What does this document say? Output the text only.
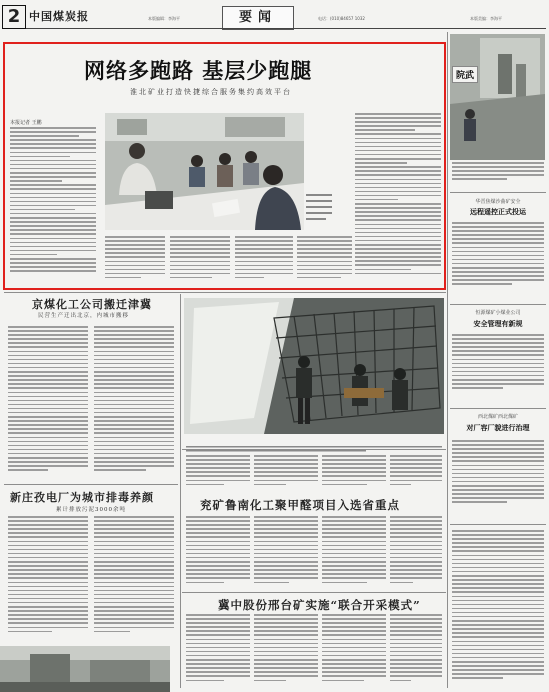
2 中国煤炭报	本版编辑：李海平	电话：(010)84657 1032	本版美编：李海平
要闻
网络多跑路 基层少跑腿
淮北矿业打造快捷综合服务集约高效平台
本报记者 王鹏
院武
华晋焦煤沙曲矿安全
远程遥控正式投运
恒源煤矿小煤业公司
安全管理有新规
西北煤矿西北煤矿
对厂容厂貌进行治理
京煤化工公司搬迁津冀
民营生产迁出北京，内城市搬移
新庄孜电厂为城市排毒养颜
累计排放污泥3000余吨	兖矿鲁南化工聚甲醛项目入选省重点
冀中股份邢台矿实施“联合开采模式”
